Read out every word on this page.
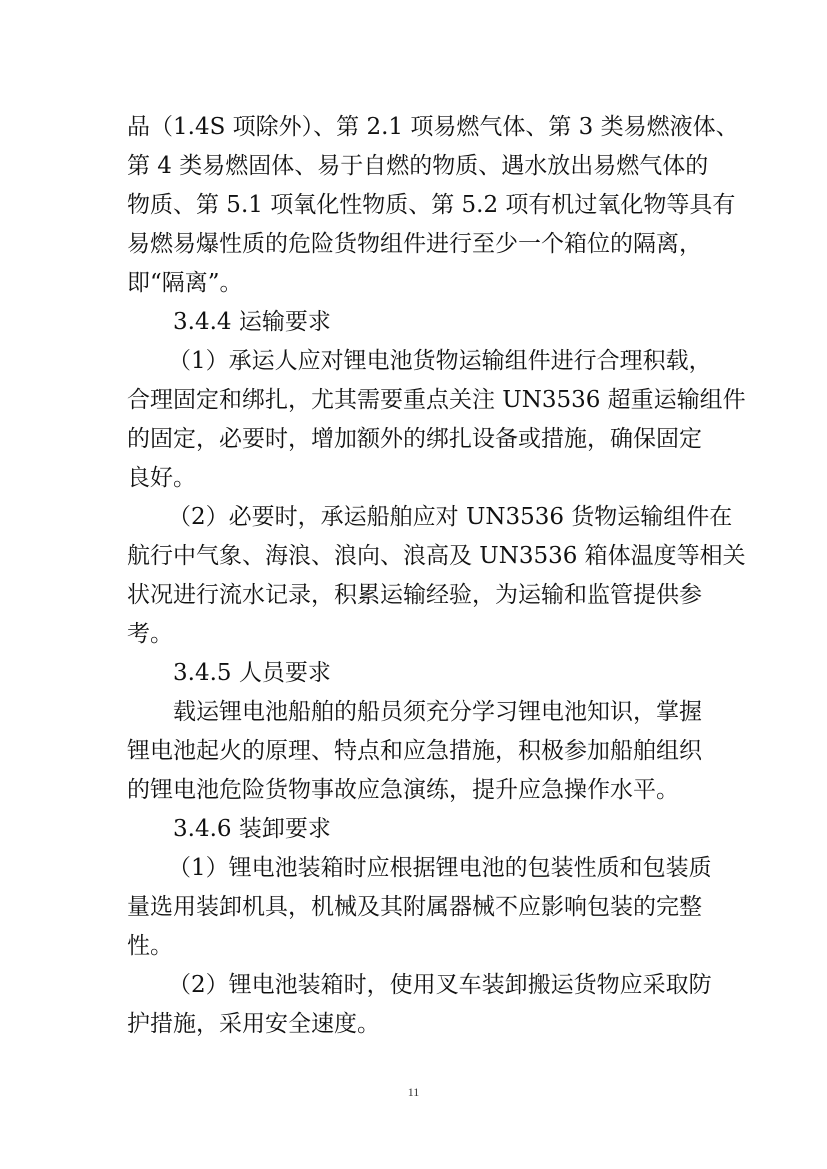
品（1.4S 项除外）、第 2.1 项易燃气体、第 3 类易燃液体、
第 4 类易燃固体、易于自燃的物质、遇水放出易燃气体的
物质、第 5.1 项氧化性物质、第 5.2 项有机过氧化物等具有
易燃易爆性质的危险货物组件进行至少一个箱位的隔离，
即“隔离”。
3.4.4 运输要求
（1）承运人应对锂电池货物运输组件进行合理积载，
合理固定和绑扎，尤其需要重点关注 UN3536 超重运输组件
的固定，必要时，增加额外的绑扎设备或措施，确保固定
良好。
（2）必要时，承运船舶应对 UN3536 货物运输组件在
航行中气象、海浪、浪向、浪高及 UN3536 箱体温度等相关
状况进行流水记录，积累运输经验，为运输和监管提供参
考。
3.4.5 人员要求
载运锂电池船舶的船员须充分学习锂电池知识，掌握
锂电池起火的原理、特点和应急措施，积极参加船舶组织
的锂电池危险货物事故应急演练，提升应急操作水平。
3.4.6 装卸要求
（1）锂电池装箱时应根据锂电池的包装性质和包装质
量选用装卸机具，机械及其附属器械不应影响包装的完整
性。
（2）锂电池装箱时，使用叉车装卸搬运货物应采取防
护措施，采用安全速度。
11
